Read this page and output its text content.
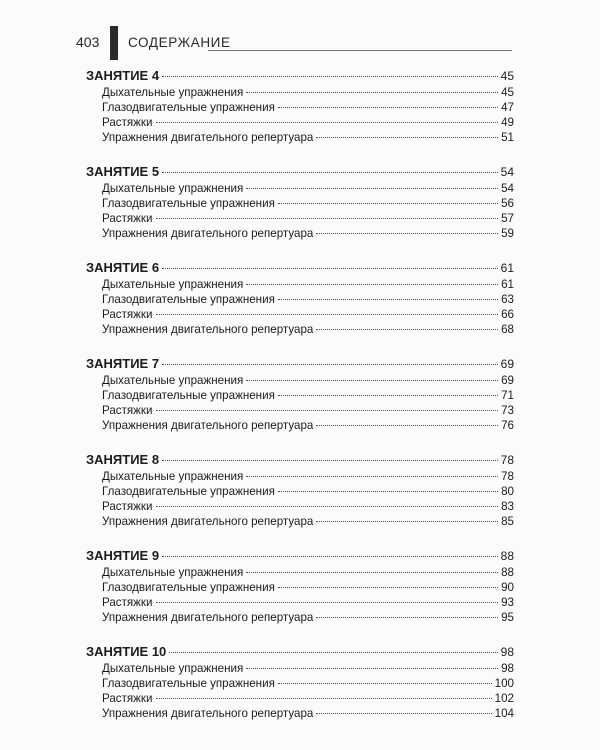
403 СОДЕРЖАНИЕ
ЗАНЯТИЕ 4	45
Дыхательные упражнения	45
Глазодвигательные упражнения	47
Растяжки	49
Упражнения двигательного репертуара	51
ЗАНЯТИЕ 5	54
Дыхательные упражнения	54
Глазодвигательные упражнения	56
Растяжки	57
Упражнения двигательного репертуара	59
ЗАНЯТИЕ 6	61
Дыхательные упражнения	61
Глазодвигательные упражнения	63
Растяжки	66
Упражнения двигательного репертуара	68
ЗАНЯТИЕ 7	69
Дыхательные упражнения	69
Глазодвигательные упражнения	71
Растяжки	73
Упражнения двигательного репертуара	76
ЗАНЯТИЕ 8	78
Дыхательные упражнения	78
Глазодвигательные упражнения	80
Растяжки	83
Упражнения двигательного репертуара	85
ЗАНЯТИЕ 9	88
Дыхательные упражнения	88
Глазодвигательные упражнения	90
Растяжки	93
Упражнения двигательного репертуара	95
ЗАНЯТИЕ 10	98
Дыхательные упражнения	98
Глазодвигательные упражнения	100
Растяжки	102
Упражнения двигательного репертуара	104
